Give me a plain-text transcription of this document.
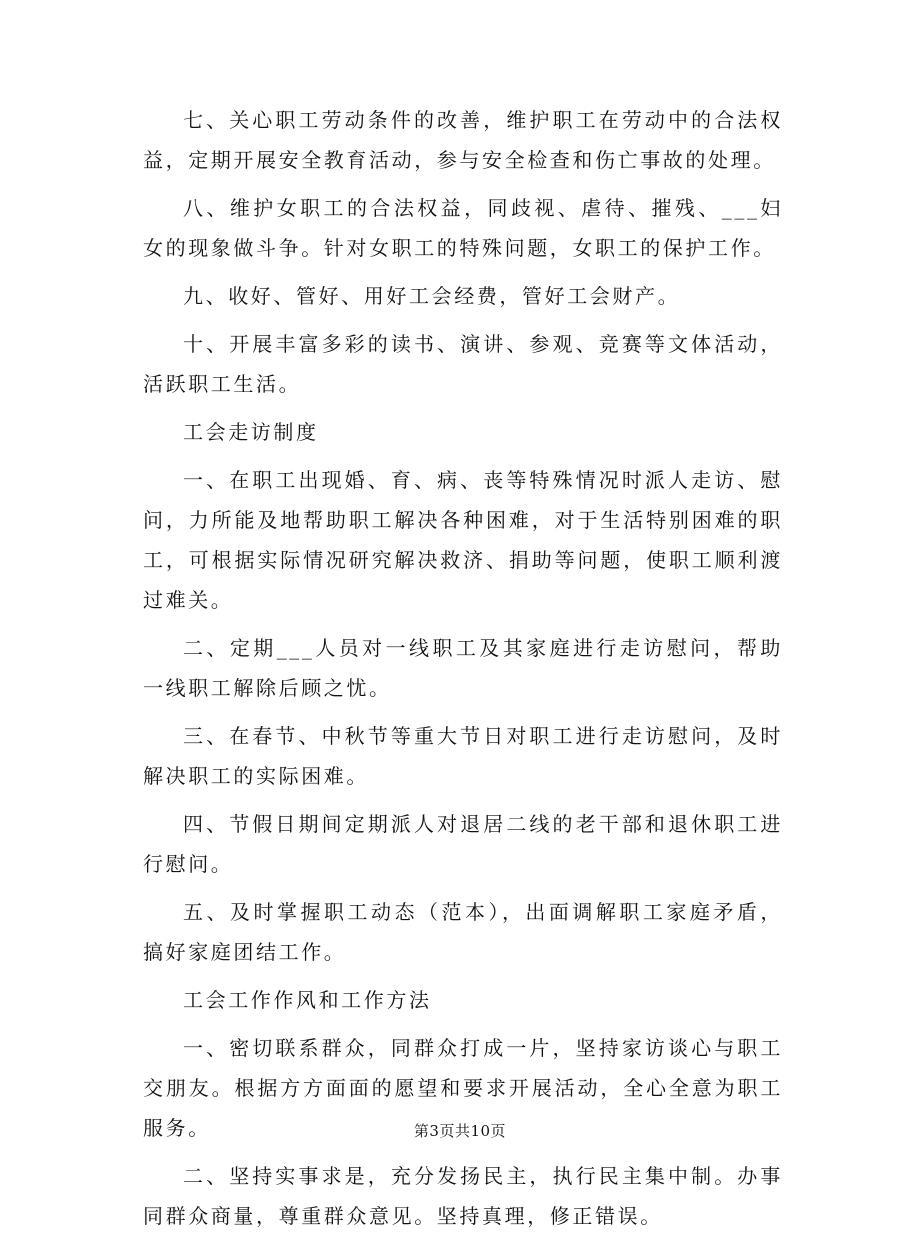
七、关心职工劳动条件的改善，维护职工在劳动中的合法权益，定期开展安全教育活动，参与安全检查和伤亡事故的处理。

八、维护女职工的合法权益，同歧视、虐待、摧残、___妇女的现象做斗争。针对女职工的特殊问题，女职工的保护工作。

九、收好、管好、用好工会经费，管好工会财产。

十、开展丰富多彩的读书、演讲、参观、竞赛等文体活动，活跃职工生活。

工会走访制度

一、在职工出现婚、育、病、丧等特殊情况时派人走访、慰问，力所能及地帮助职工解决各种困难，对于生活特别困难的职工，可根据实际情况研究解决救济、捐助等问题，使职工顺利渡过难关。

二、定期___人员对一线职工及其家庭进行走访慰问，帮助一线职工解除后顾之忧。

三、在春节、中秋节等重大节日对职工进行走访慰问，及时解决职工的实际困难。

四、节假日期间定期派人对退居二线的老干部和退休职工进行慰问。

五、及时掌握职工动态（范本），出面调解职工家庭矛盾，搞好家庭团结工作。

工会工作作风和工作方法

一、密切联系群众，同群众打成一片，坚持家访谈心与职工交朋友。根据方方面面的愿望和要求开展活动，全心全意为职工服务。

二、坚持实事求是，充分发扬民主，执行民主集中制。办事同群众商量，尊重群众意见。坚持真理，修正错误。

第3页共10页
